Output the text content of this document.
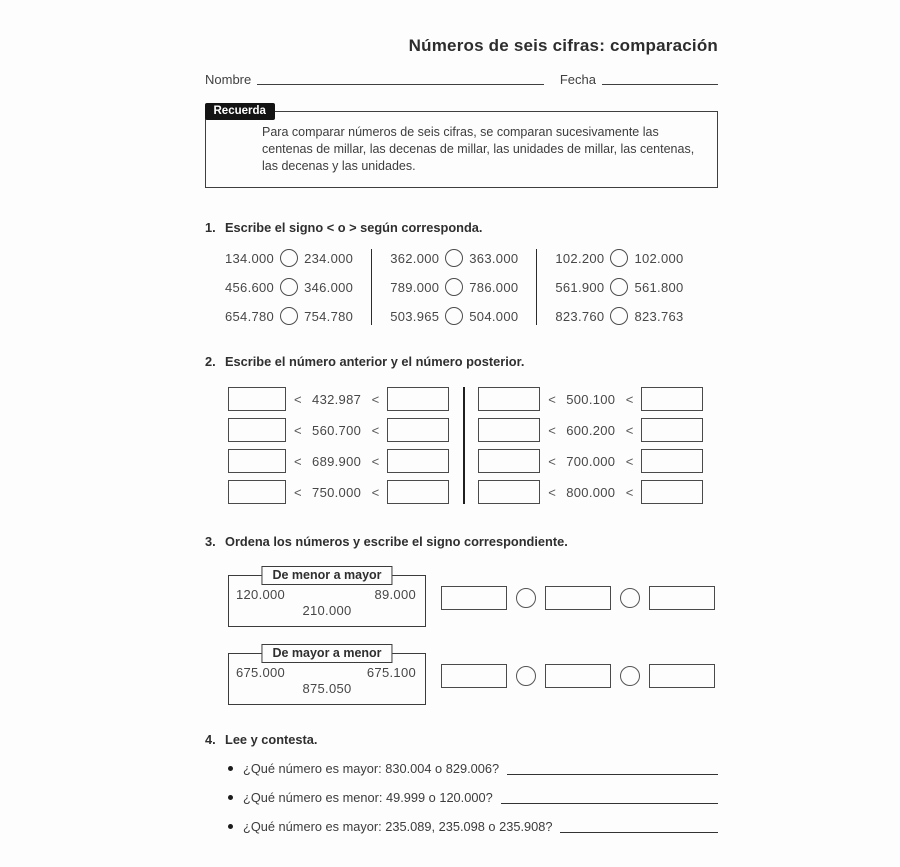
Números de seis cifras: comparación
Nombre	Fecha
Recuerda
Para comparar números de seis cifras, se comparan sucesivamente las centenas de millar, las decenas de millar, las unidades de millar, las centenas, las decenas y las unidades.
1. Escribe el signo < o > según corresponda.
134.000 234.000
456.600 346.000
654.780 754.780
362.000 363.000
789.000 786.000
503.965 504.000
102.200 102.000
561.900 561.800
823.760 823.763
2. Escribe el número anterior y el número posterior.
< 432.987 <
< 560.700 <
< 689.900 <
< 750.000 <
< 500.100 <
< 600.200 <
< 700.000 <
< 800.000 <
3. Ordena los números y escribe el signo correspondiente.
De menor a mayor
120.000	89.000
210.000
De mayor a menor
675.000	675.100
875.050
4. Lee y contesta.
¿Qué número es mayor: 830.004 o 829.006?
¿Qué número es menor: 49.999 o 120.000?
¿Qué número es mayor: 235.089, 235.098 o 235.908?
